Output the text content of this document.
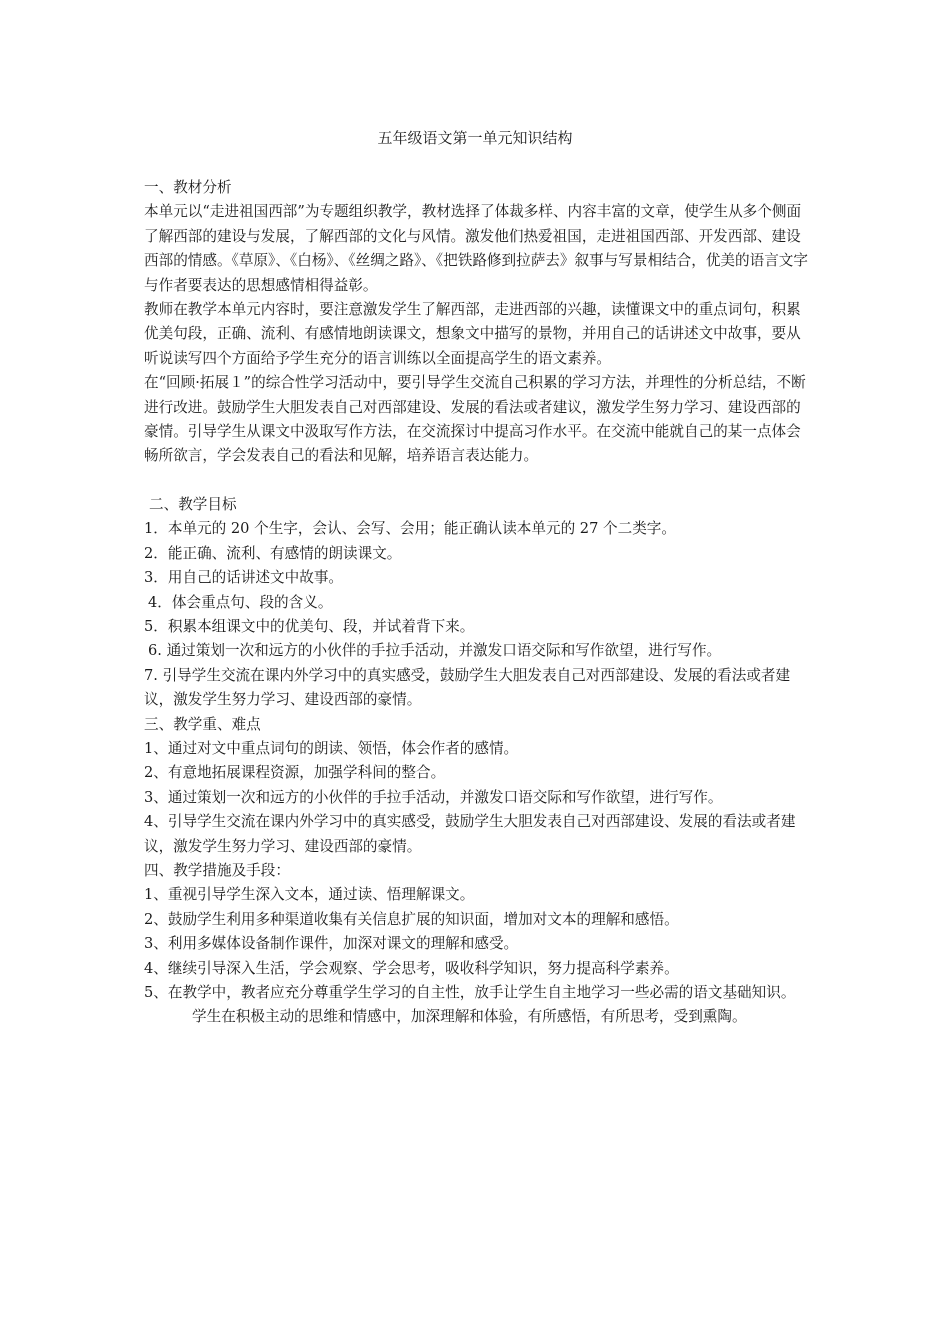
五年级语文第一单元知识结构

一、教材分析

本单元以“走进祖国西部”为专题组织教学，教材选择了体裁多样、内容丰富的文章，使学生从多个侧面了解西部的建设与发展，了解西部的文化与风情。激发他们热爱祖国，走进祖国西部、开发西部、建设西部的情感。《草原》、《白杨》、《丝绸之路》、《把铁路修到拉萨去》叙事与写景相结合，优美的语言文字与作者要表达的思想感情相得益彰。

教师在教学本单元内容时，要注意激发学生了解西部，走进西部的兴趣，读懂课文中的重点词句，积累优美句段，正确、流利、有感情地朗读课文，想象文中描写的景物，并用自己的话讲述文中故事，要从听说读写四个方面给予学生充分的语言训练以全面提高学生的语文素养。

在“回顾·拓展１”的综合性学习活动中，要引导学生交流自己积累的学习方法，并理性的分析总结，不断进行改进。鼓励学生大胆发表自己对西部建设、发展的看法或者建议，激发学生努力学习、建设西部的豪情。引导学生从课文中汲取写作方法，在交流探讨中提高习作水平。在交流中能就自己的某一点体会畅所欲言，学会发表自己的看法和见解，培养语言表达能力。

二、教学目标

1．本单元的 20 个生字，会认、会写、会用；能正确认读本单元的 27 个二类字。

2．能正确、流利、有感情的朗读课文。

3．用自己的话讲述文中故事。

4．体会重点句、段的含义。

5．积累本组课文中的优美句、段，并试着背下来。

6. 通过策划一次和远方的小伙伴的手拉手活动，并激发口语交际和写作欲望，进行写作。

7. 引导学生交流在课内外学习中的真实感受，鼓励学生大胆发表自己对西部建设、发展的看法或者建议，激发学生努力学习、建设西部的豪情。

三、教学重、难点

1、通过对文中重点词句的朗读、领悟，体会作者的感情。

2、有意地拓展课程资源，加强学科间的整合。

3、通过策划一次和远方的小伙伴的手拉手活动，并激发口语交际和写作欲望，进行写作。

4、引导学生交流在课内外学习中的真实感受，鼓励学生大胆发表自己对西部建设、发展的看法或者建议，激发学生努力学习、建设西部的豪情。

四、教学措施及手段：

1、重视引导学生深入文本，通过读、悟理解课文。

2、鼓励学生利用多种渠道收集有关信息扩展的知识面，增加对文本的理解和感悟。

3、利用多媒体设备制作课件，加深对课文的理解和感受。

4、继续引导深入生活，学会观察、学会思考，吸收科学知识，努力提高科学素养。

5、在教学中，教者应充分尊重学生学习的自主性，放手让学生自主地学习一些必需的语文基础知识。学生在积极主动的思维和情感中，加深理解和体验，有所感悟，有所思考，受到熏陶。
